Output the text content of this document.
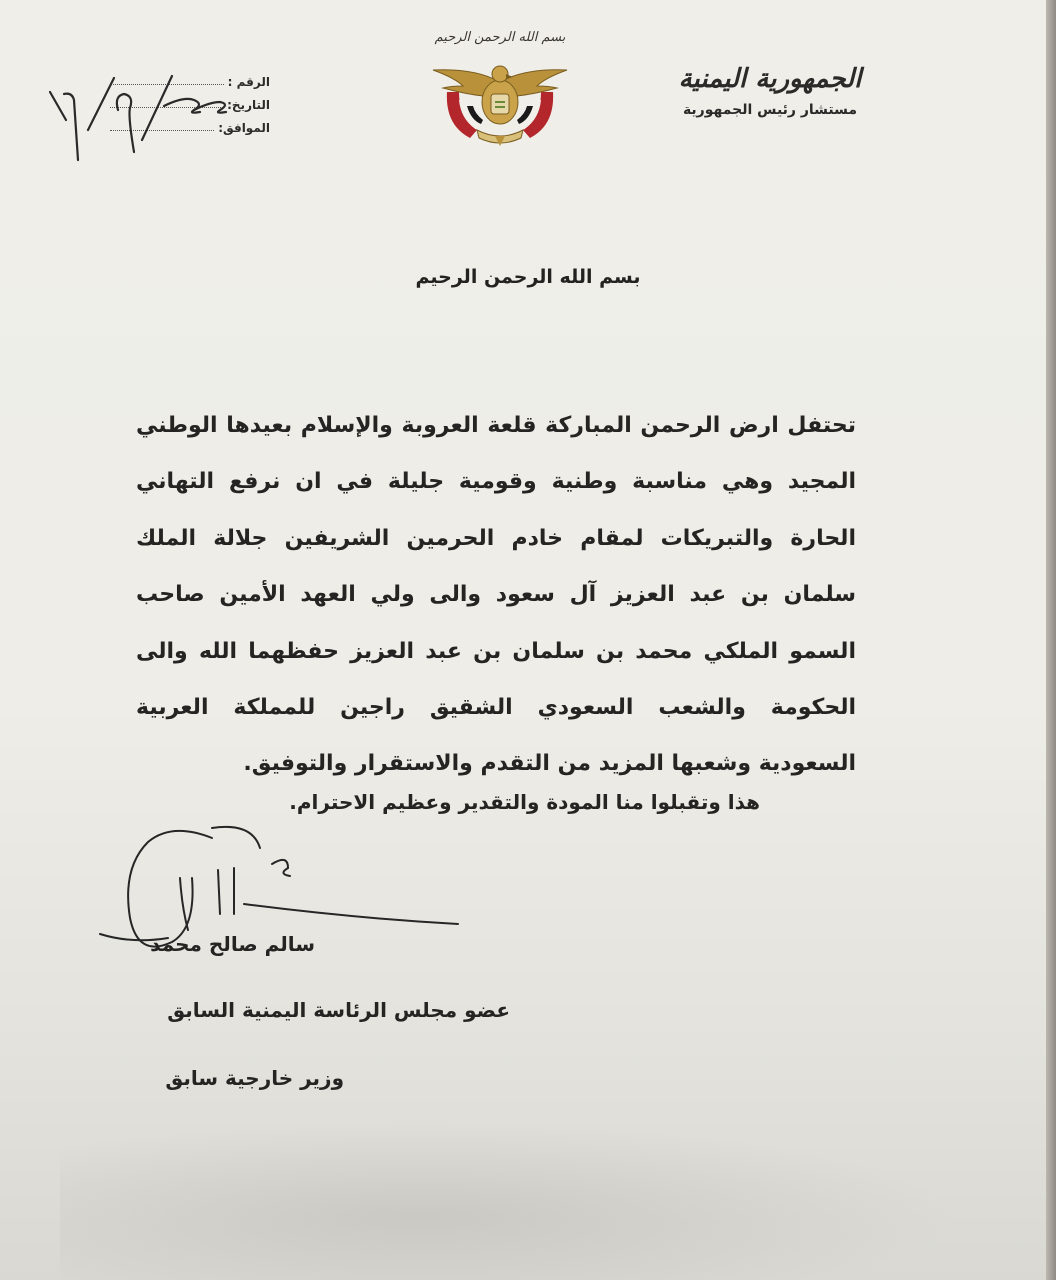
الجمهورية اليمنية
مستشار رئيس الجمهورية
بسم الله الرحمن الرحيم
الرقم :
التاريخ:
الموافق:
بسم الله الرحمن الرحيم
تحتفل ارض الرحمن المباركة قلعة العروبة والإسلام بعيدها الوطني المجيد وهي مناسبة وطنية وقومية جليلة في ان نرفع التهاني الحارة والتبريكات لمقام خادم الحرمين الشريفين جلالة الملك سلمان بن عبد العزيز آل سعود والى ولي العهد الأمين صاحب السمو الملكي محمد بن سلمان بن عبد العزيز حفظهما الله والى الحكومة والشعب السعودي الشقيق راجين للمملكة العربية السعودية وشعبها المزيد من التقدم والاستقرار والتوفيق.
هذا وتقبلوا منا المودة والتقدير وعظيم الاحترام.
سالم صالح محمد
عضو مجلس الرئاسة اليمنية السابق
وزير خارجية سابق
